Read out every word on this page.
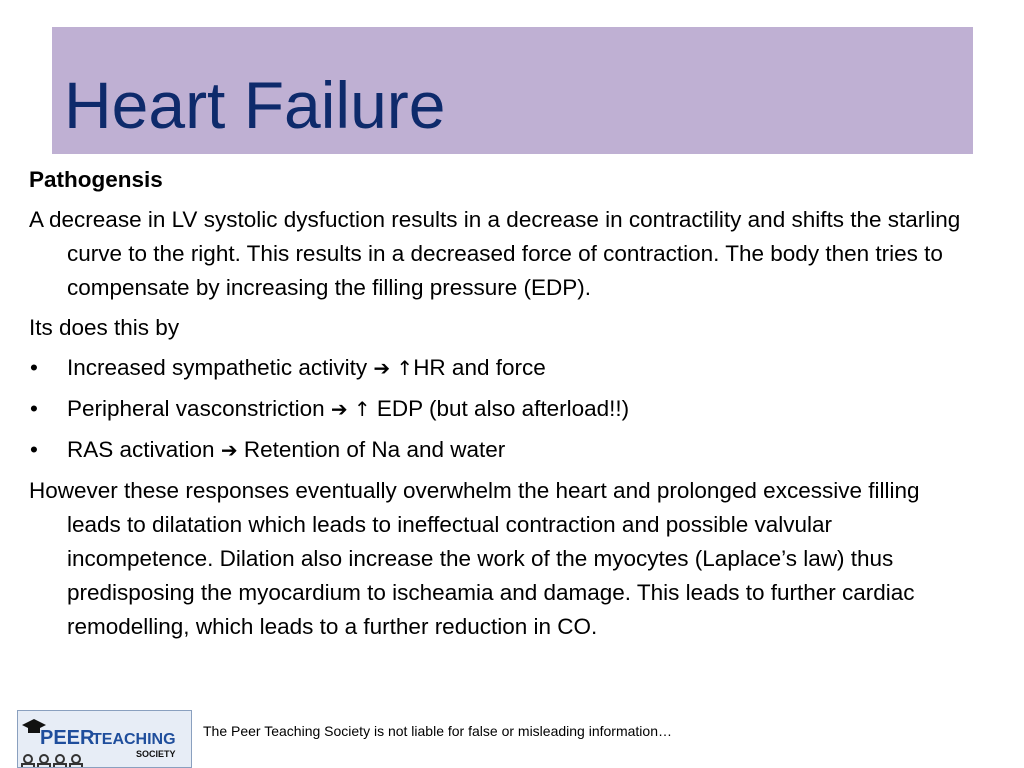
Heart Failure

Pathogensis

A decrease in LV systolic dysfuction results in a decrease in contractility and shifts the starling curve to the right. This results in a decreased force of contraction. The body then tries to compensate by increasing the filling pressure (EDP).

Its does this by

• Increased sympathetic activity ➔ ↑HR and force
• Peripheral vasconstriction ➔ ↑ EDP (but also afterload!!)
• RAS activation ➔ Retention of Na and water

However these responses eventually overwhelm the heart and prolonged excessive filling leads to dilatation which leads to ineffectual contraction and possible valvular incompetence. Dilation also increase the work of the myocytes (Laplace’s law) thus predisposing the myocardium to ischeamia and damage. This leads to further cardiac remodelling, which leads to a further reduction in CO.

PEER
TEACHING
SOCIETY
The Peer Teaching Society is not liable for false or misleading information…
